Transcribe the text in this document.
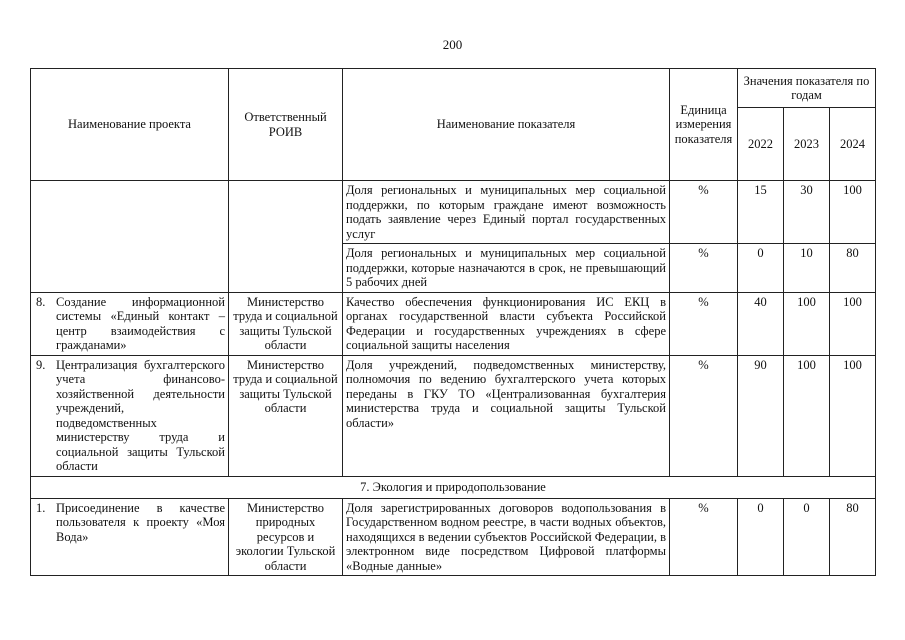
200
Наименование проекта	Ответственный РОИВ	Наименование показателя	Единица измерения показателя	Значения показателя по годам		
				2022	2023	2024
		Доля региональных и муниципальных мер социальной поддержки, по которым граждане имеют возможность подать заявление через Единый портал государственных услуг	%	15	30	100
		Доля региональных и муниципальных мер социальной поддержки, которые назначаются в срок, не превышающий 5 рабочих дней	%	0	10	80

8. Создание информационной системы «Единый контакт – центр взаимодействия с гражданами»	Министерство труда и социальной защиты Тульской области	Качество обеспечения функционирования ИС ЕКЦ в органах государственной власти субъекта Российской Федерации и государственных учреждениях в сфере социальной защиты населения	%	40	100	100

9. Централизация бухгалтерского учета финансово-хозяйственной деятельности учреждений, подведомственных министерству труда и социальной защиты Тульской области	Министерство труда и социальной защиты Тульской области	Доля учреждений, подведомственных министерству, полномочия по ведению бухгалтерского учета которых переданы в ГКУ ТО «Централизованная бухгалтерия министерства труда и социальной защиты Тульской области»	%	90	100	100
7. Экология и природопользование						

1. Присоединение в качестве пользователя к проекту «Моя Вода»	Министерство природных ресурсов и экологии Тульской области	Доля зарегистрированных договоров водопользования в Государственном водном реестре, в части водных объектов, находящихся в ведении субъектов Российской Федерации, в электронном виде посредством Цифровой платформы «Водные данные»	%	0	0	80
